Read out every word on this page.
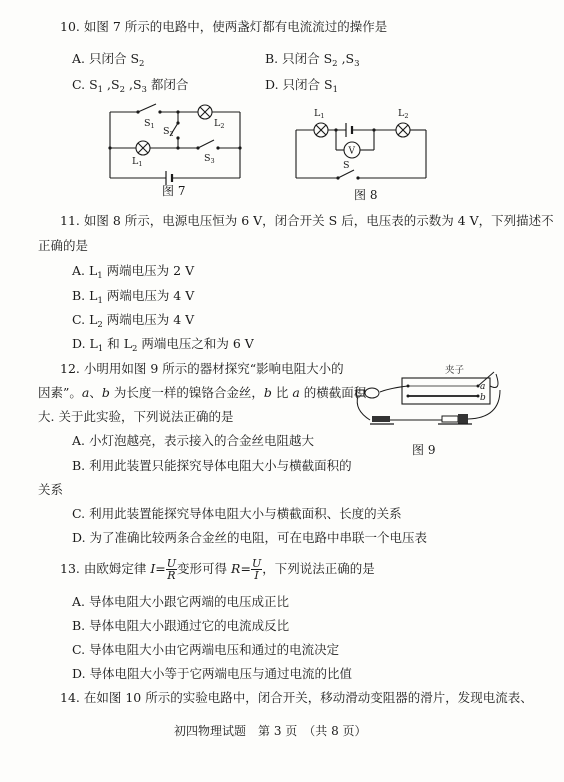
10. 如图 7 所示的电路中，使两盏灯都有电流流过的操作是
A. 只闭合 $S_2$	B. 只闭合 $S_2$ $,S_3$
C. $S_1$ $,S_2$ $,S_3$ 都闭合	D. 只闭合 $S_1$
$S_1$ $S_2$
$S_3$
$L_1$
$L_2$
图 7
V
$L_1$	$L_2$
S
图 8
11. 如图 8 所示，电源电压恒为 6 V，闭合开关 S 后，电压表的示数为 4 V，下列描述不
正确的是
A. $L_1$ 两端电压为 2 V
B. $L_1$ 两端电压为 4 V
C. $L_2$ 两端电压为 4 V
D. $L_1$ 和 $L_2$ 两端电压之和为 6 V
12. 小明用如图 9 所示的器材探究“影响电阻大小的
因素”。a、b 为长度一样的镍铬合金丝，b 比 a 的横截面积
大. 关于此实验，下列说法正确的是
A. 小灯泡越亮，表示接入的合金丝电阻越大
B. 利用此装置只能探究导体电阻大小与横截面积的
关系
C. 利用此装置能探究导体电阻大小与横截面积、长度的关系
D. 为了准确比较两条合金丝的电阻，可在电路中串联一个电压表
夹子
a
b
图 9
13. 由欧姆定律 $I= \frac{U}{R}$ 变形可得 $R= \frac{U}{I}$ ，下列说法正确的是
A. 导体电阻大小跟它两端的电压成正比
B. 导体电阻大小跟通过它的电流成反比
C. 导体电阻大小由它两端电压和通过的电流决定
D. 导体电阻大小等于它两端电压与通过电流的比值
14. 在如图 10 所示的实验电路中，闭合开关，移动滑动变阻器的滑片，发现电流表、
初四物理试题　第 3 页　（共 8 页）
